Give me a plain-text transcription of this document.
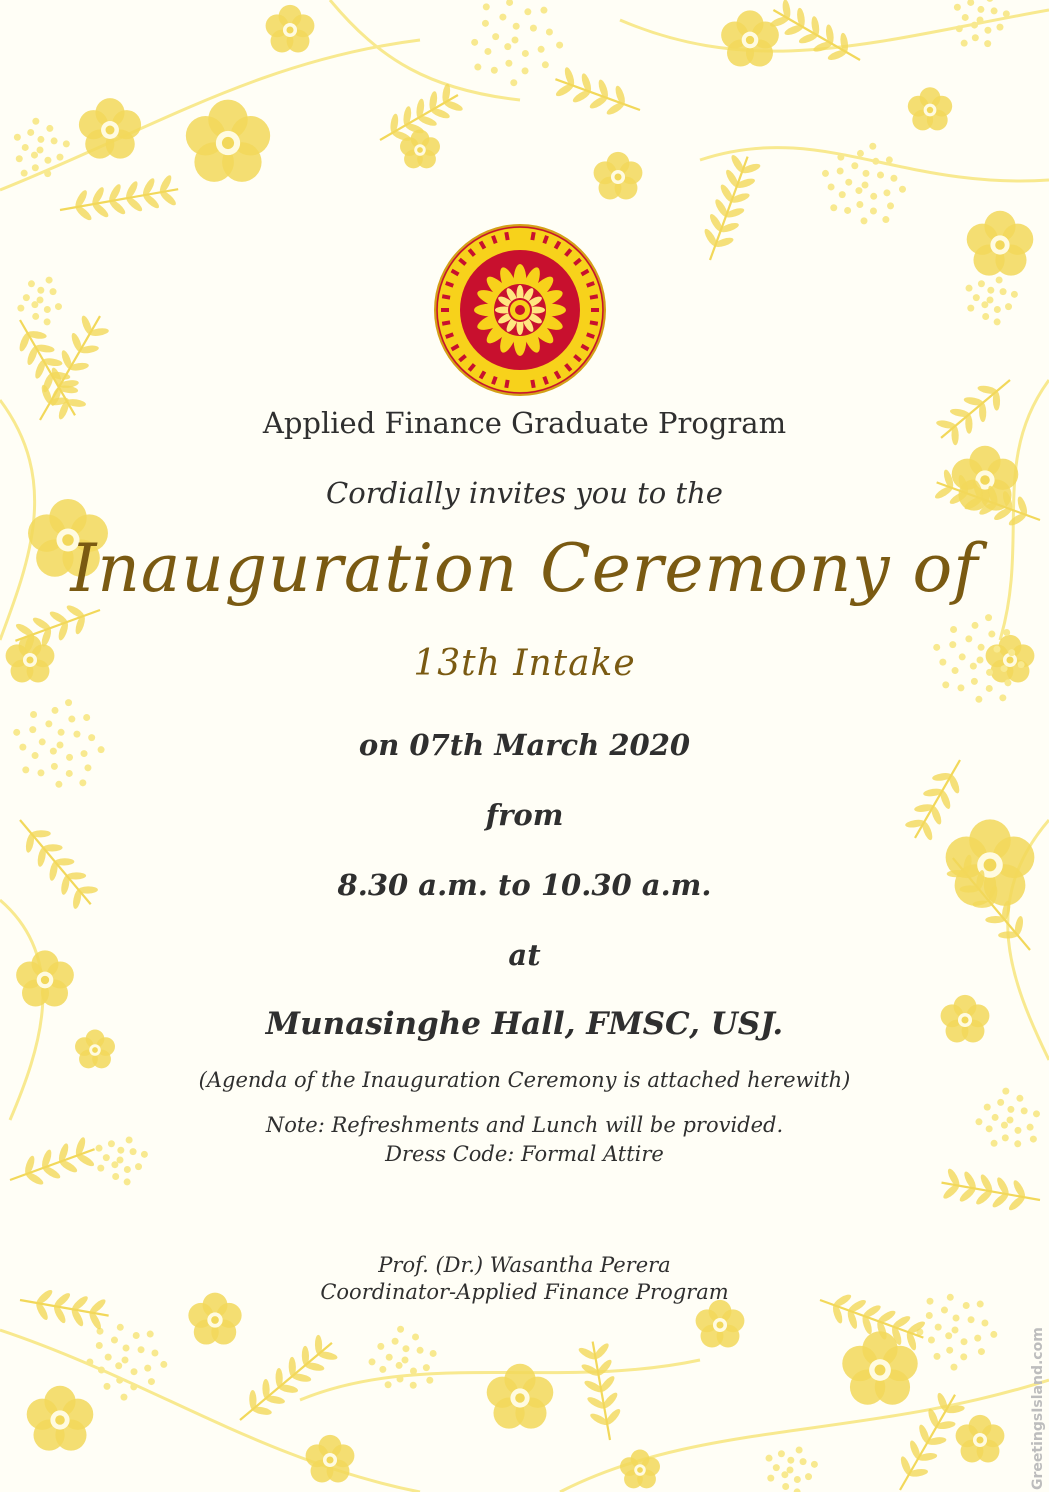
Applied Finance Graduate Program
Cordially invites you to the
Inauguration Ceremony of
13th Intake
on 07th March 2020
from
8.30 a.m. to 10.30 a.m.
at
Munasinghe Hall, FMSC, USJ.
(Agenda of the Inauguration Ceremony is attached herewith)
Note: Refreshments and Lunch will be provided.
Dress Code: Formal Attire
Prof. (Dr.) Wasantha Perera
Coordinator-Applied Finance Program
GreetingsIsland.com
